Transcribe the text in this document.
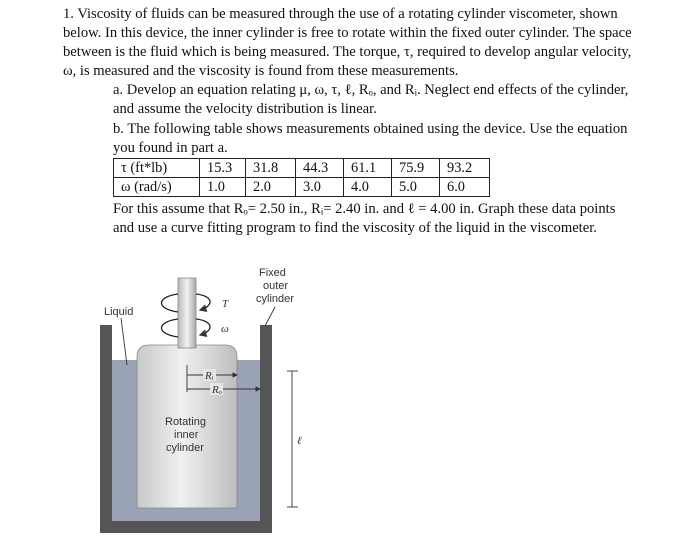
1. Viscosity of fluids can be measured through the use of a rotating cylinder viscometer, shown
below. In this device, the inner cylinder is free to rotate within the fixed outer cylinder. The space
between is the fluid which is being measured. The torque, τ, required to develop angular velocity,
ω, is measured and the viscosity is found from these measurements.
a. Develop an equation relating μ, ω, τ, ℓ, Rₒ, and Rᵢ. Neglect end effects of the cylinder,
and assume the velocity distribution is linear.
b. The following table shows measurements obtained using the device. Use the equation
you found in part a.
τ (ft*lb)	15.3	31.8	44.3	61.1	75.9	93.2
ω (rad/s)	1.0	2.0	3.0	4.0	5.0	6.0
For this assume that Rₒ= 2.50 in., Rᵢ= 2.40 in. and ℓ = 4.00 in. Graph these data points
and use a curve fitting program to find the viscosity of the liquid in the viscometer.
Fixed
outer
cylinder
Liquid
T
ω
Rᵢ
Rₒ
ℓ
Rotating
inner
cylinder
